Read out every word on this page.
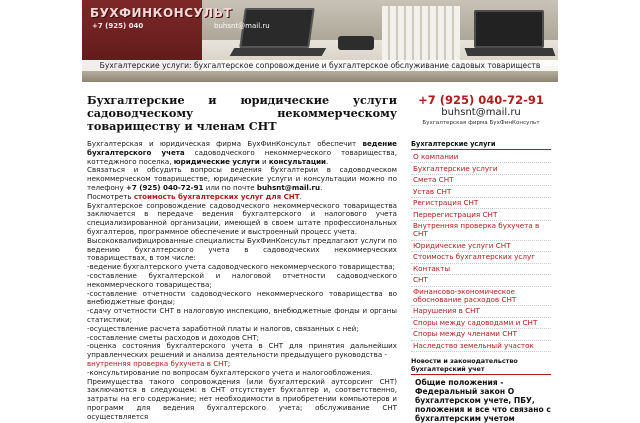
БУХФИНКОНСУЛЬТ
+7 (925) 040	buhsnt@mail.ru
Бухгалтерские услуги: бухгалтерское сопровождение и бухгалтерское обслуживание садовых товариществ
Бухгалтерские и юридические услуги садоводческому некоммерческому товариществу и членам СНТ

Бухгалтерская и юридическая фирма БухФинКонсульт обеспечит ведение бухгалтерского учета садоводческого некоммерческого товарищества, коттеджного поселка, юридические услуги и консультации.

Связаться и обсудить вопросы ведения бухгалтерии в садоводческом некоммерческом товариществе, юридические услуги и консультации можно по телефону +7 (925) 040-72-91 или по почте buhsnt@mail.ru.

Посмотреть стоимость бухгалтерских услуг для СНТ.

Бухгалтерское сопровождение садоводческого некоммерческого товарищества заключается в передаче ведения бухгалтерского и налогового учета специализированной организации, имеющей в своем штате профессиональных бухгалтеров, программное обеспечение и выстроенный процесс учета.

Высококвалифицированные специалисты БухФинКонсульт предлагают услуги по ведению бухгалтерского учета в садоводческих некоммерческих товариществах, в том числе:

-ведение бухгалтерского учета садоводческого некоммерческого товарищества;

-составление бухгалтерской и налоговой отчетности садоводческого некоммерческого товарищества;

-составление отчетности садоводческого некоммерческого товарищества во внебюджетные фонды;

-сдачу отчетности СНТ в налоговую инспекцию, внебюджетные фонды и органы статистики;

-осуществление расчета заработной платы и налогов, связанных с ней;

-составление сметы расходов и доходов СНТ;

-оценка состояния бухгалтерского учета в СНТ для принятия дальнейших управленческих решений и анализа деятельности предыдущего руководства -

внутренняя проверка бухучета в СНТ;

-консультирование по вопросам бухгалтерского учета и налогообложения.

Преимущества такого сопровождения (или бухгалтерский аутсорсинг СНТ) заключаются в следующем: в СНТ отсутствует бухгалтер и, соответственно, затраты на его содержание; нет необходимости в приобретении компьютеров и программ для ведения бухгалтерского учета; обслуживание СНТ осуществляется

+7 (925) 040-72-91
buhsnt@mail.ru
Бухгалтерская фирма БухФинКонсульт
Бухгалтерские услуги
О компании
Бухгалтерские услуги
Смета СНТ
Устав СНТ
Регистрация СНТ
Перерегистрация СНТ
Внутренняя проверка бухучета в СНТ
Юридические услуги СНТ
Стоимость бухгалтерских услуг
Контакты
СНТ
Финансово-экономическое обоснование расходов СНТ
Нарушения в СНТ
Споры между садоводами и СНТ
Споры между членами СНТ
Наследство земельный участок
Новости и законодательство бухгалтерский учет
Общие положения - Федеральный закон О бухгалтерском учете, ПБУ, положения и все что связано с бухгалтерским учетом
